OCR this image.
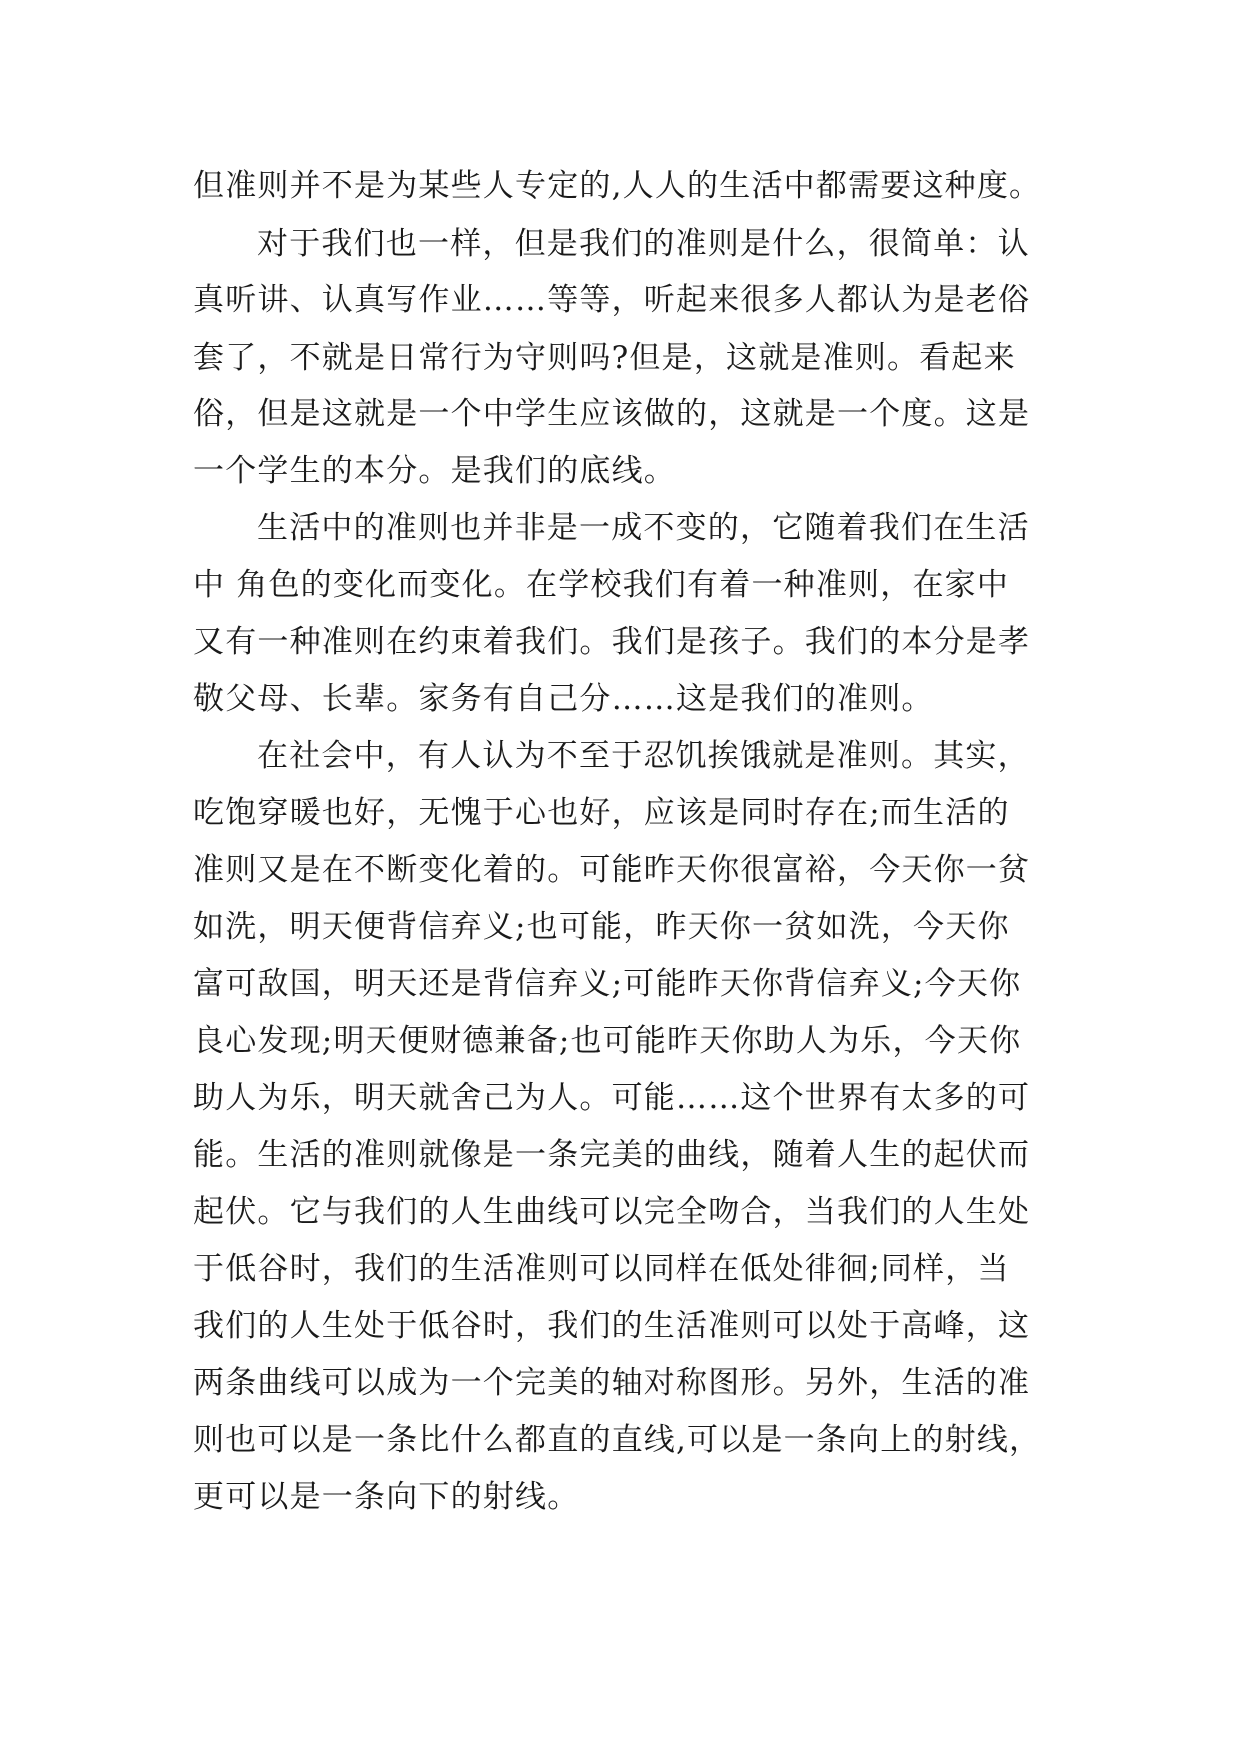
但准则并不是为某些人专定的,人人的生活中都需要这种度。
对于我们也一样，但是我们的准则是什么，很简单：认
真听讲、认真写作业……等等，听起来很多人都认为是老俗
套了，不就是日常行为守则吗?但是，这就是准则。看起来
俗，但是这就是一个中学生应该做的，这就是一个度。这是
一个学生的本分。是我们的底线。
生活中的准则也并非是一成不变的，它随着我们在生活
中 角色的变化而变化。在学校我们有着一种准则，在家中
又有一种准则在约束着我们。我们是孩子。我们的本分是孝
敬父母、长辈。家务有自己分……这是我们的准则。
在社会中，有人认为不至于忍饥挨饿就是准则。其实，
吃饱穿暖也好，无愧于心也好，应该是同时存在;而生活的
准则又是在不断变化着的。可能昨天你很富裕，今天你一贫
如洗，明天便背信弃义;也可能，昨天你一贫如洗，今天你
富可敌国，明天还是背信弃义;可能昨天你背信弃义;今天你
良心发现;明天便财德兼备;也可能昨天你助人为乐，今天你
助人为乐，明天就舍己为人。可能……这个世界有太多的可
能。生活的准则就像是一条完美的曲线，随着人生的起伏而
起伏。它与我们的人生曲线可以完全吻合，当我们的人生处
于低谷时，我们的生活准则可以同样在低处徘徊;同样，当
我们的人生处于低谷时，我们的生活准则可以处于高峰，这
两条曲线可以成为一个完美的轴对称图形。另外，生活的准
则也可以是一条比什么都直的直线,可以是一条向上的射线，
更可以是一条向下的射线。
